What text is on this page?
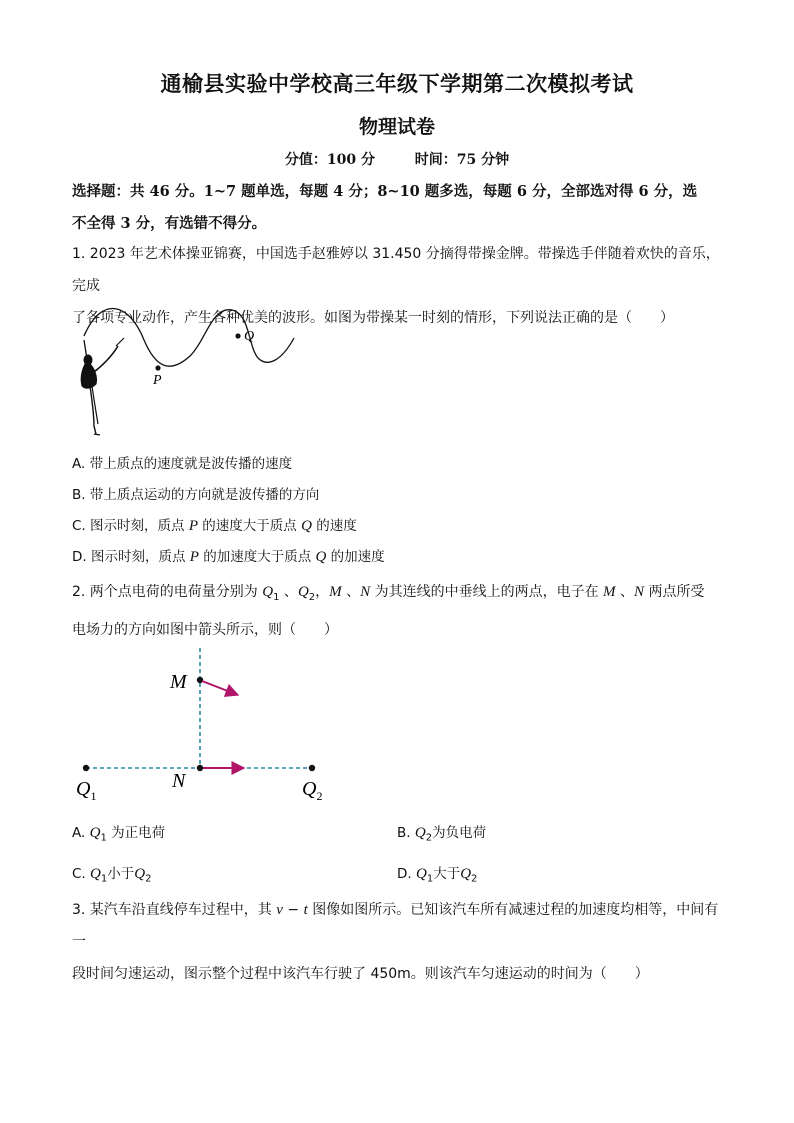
通榆县实验中学校高三年级下学期第二次模拟考试
物理试卷
分值：100 分	时间：75 分钟
选择题：共 46 分。1~7 题单选，每题 4 分；8~10 题多选，每题 6 分，全部选对得 6 分，选
不全得 3 分，有选错不得分。
1. 2023 年艺术体操亚锦赛，中国选手赵雅婷以 31.450 分摘得带操金牌。带操选手伴随着欢快的音乐，完成
了各项专业动作，产生各种优美的波形。如图为带操某一时刻的情形，下列说法正确的是（　　）
P
Q
A. 带上质点的速度就是波传播的速度
B. 带上质点运动的方向就是波传播的方向
C. 图示时刻，质点 P 的速度大于质点 Q 的速度
D. 图示时刻，质点 P 的加速度大于质点 Q 的加速度
2. 两个点电荷的电荷量分别为 $Q_1$ 、$Q_2$，M 、N 为其连线的中垂线上的两点，电子在 M 、N 两点所受
电场力的方向如图中箭头所示，则（　　）
M
N
$Q_1$	$Q_2$
A. $Q_1$ 为正电荷	B. $Q_2$为负电荷
C. $Q_1$小于$Q_2$	D. $Q_1$大于$Q_2$
3. 某汽车沿直线停车过程中，其 v − t 图像如图所示。已知该汽车所有减速过程的加速度均相等，中间有一
段时间匀速运动，图示整个过程中该汽车行驶了 450m。则该汽车匀速运动的时间为（　　）
